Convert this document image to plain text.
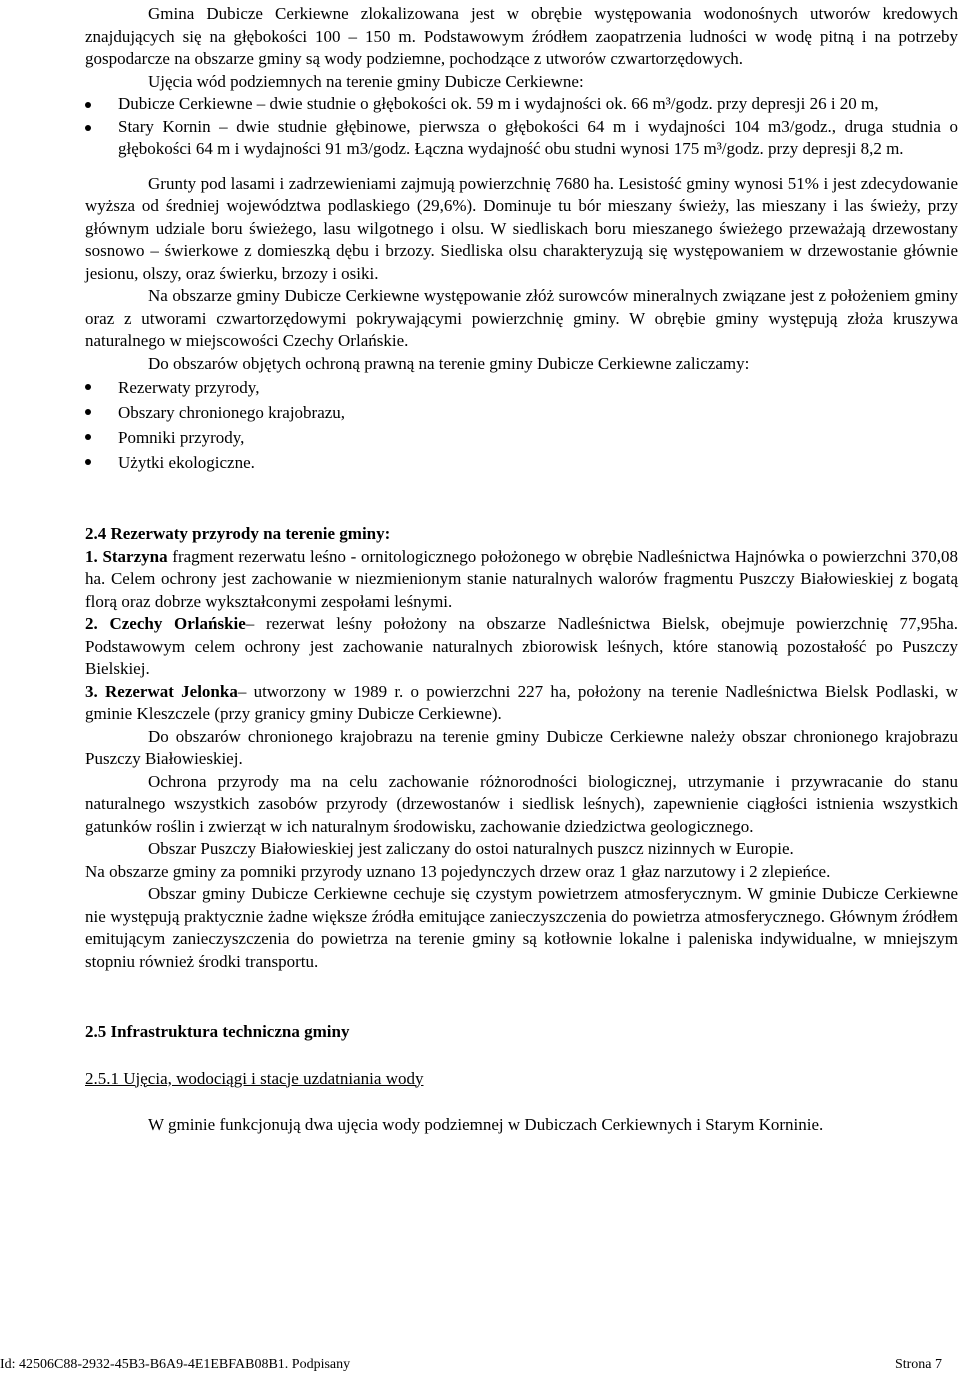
Gmina Dubicze Cerkiewne zlokalizowana jest w obrębie występowania wodonośnych utworów kredowych znajdujących się na głębokości 100 – 150 m. Podstawowym źródłem zaopatrzenia ludności w wodę pitną i na potrzeby gospodarcze na obszarze gminy są wody podziemne, pochodzące z utworów czwartorzędowych.

Ujęcia wód podziemnych na terenie gminy Dubicze Cerkiewne:

Dubicze Cerkiewne – dwie studnie o głębokości ok. 59 m i wydajności ok. 66 m³/godz. przy depresji 26 i 20 m,
Stary Kornin – dwie studnie głębinowe, pierwsza o głębokości 64 m i wydajności 104 m3/godz., druga studnia o głębokości 64 m i wydajności 91 m3/godz. Łączna wydajność obu studni wynosi 175 m³/godz. przy depresji 8,2 m.

Grunty pod lasami i zadrzewieniami zajmują powierzchnię 7680 ha. Lesistość gminy wynosi 51% i jest zdecydowanie wyższa od średniej województwa podlaskiego (29,6%). Dominuje tu bór mieszany świeży, las mieszany i las świeży, przy głównym udziale boru świeżego, lasu wilgotnego i olsu. W siedliskach boru mieszanego świeżego przeważają drzewostany sosnowo – świerkowe z domieszką dębu i brzozy. Siedliska olsu charakteryzują się występowaniem w drzewostanie głównie jesionu, olszy, oraz świerku, brzozy i osiki.

Na obszarze gminy Dubicze Cerkiewne występowanie złóż surowców mineralnych związane jest z położeniem gminy oraz z utworami czwartorzędowymi pokrywającymi powierzchnię gminy. W obrębie gminy występują złoża kruszywa naturalnego w miejscowości Czechy Orlańskie.

Do obszarów objętych ochroną prawną na terenie gminy Dubicze Cerkiewne zaliczamy:

Rezerwaty przyrody,
Obszary chronionego krajobrazu,
Pomniki przyrody,
Użytki ekologiczne.
2.4 Rezerwaty przyrody na terenie gminy:

1. Starzyna fragment rezerwatu leśno - ornitologicznego położonego w obrębie Nadleśnictwa Hajnówka o powierzchni 370,08 ha. Celem ochrony jest zachowanie w niezmienionym stanie naturalnych walorów fragmentu Puszczy Białowieskiej z bogatą florą oraz dobrze wykształconymi zespołami leśnymi.

2. Czechy Orlańskie– rezerwat leśny położony na obszarze Nadleśnictwa Bielsk, obejmuje powierzchnię 77,95ha. Podstawowym celem ochrony jest zachowanie naturalnych zbiorowisk leśnych, które stanowią pozostałość po Puszczy Bielskiej.

3. Rezerwat Jelonka– utworzony w 1989 r. o powierzchni 227 ha, położony na terenie Nadleśnictwa Bielsk Podlaski, w gminie Kleszczele (przy granicy gminy Dubicze Cerkiewne).

Do obszarów chronionego krajobrazu na terenie gminy Dubicze Cerkiewne należy obszar chronionego krajobrazu Puszczy Białowieskiej.

Ochrona przyrody ma na celu zachowanie różnorodności biologicznej, utrzymanie i przywracanie do stanu naturalnego wszystkich zasobów przyrody (drzewostanów i siedlisk leśnych), zapewnienie ciągłości istnienia wszystkich gatunków roślin i zwierząt w ich naturalnym środowisku, zachowanie dziedzictwa geologicznego.

Obszar Puszczy Białowieskiej jest zaliczany do ostoi naturalnych puszcz nizinnych w Europie.

Na obszarze gminy za pomniki przyrody uznano 13 pojedynczych drzew oraz 1 głaz narzutowy i 2 zlepieńce.

Obszar gminy Dubicze Cerkiewne cechuje się czystym powietrzem atmosferycznym. W gminie Dubicze Cerkiewne nie występują praktycznie żadne większe źródła emitujące zanieczyszczenia do powietrza atmosferycznego. Głównym źródłem emitującym zanieczyszczenia do powietrza na terenie gminy są kotłownie lokalne i paleniska indywidualne, w mniejszym stopniu również środki transportu.

2.5 Infrastruktura techniczna gminy
2.5.1 Ujęcia, wodociągi i stacje uzdatniania wody

W gminie funkcjonują dwa ujęcia wody podziemnej w Dubiczach Cerkiewnych i Starym Korninie.

Id: 42506C88-2932-45B3-B6A9-4E1EBFAB08B1. Podpisany	Strona 7
